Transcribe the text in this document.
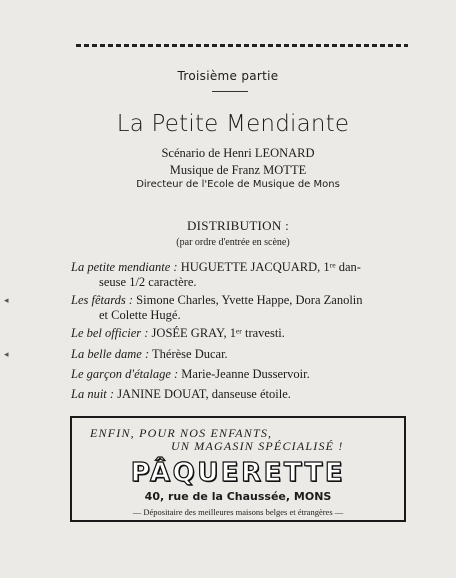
Troisième partie
La Petite Mendiante
Scénario de Henri LEONARD
Musique de Franz MOTTE
Directeur de l'Ecole de Musique de Mons
DISTRIBUTION :
(par ordre d'entrée en scène)
La petite mendiante : HUGUETTE JACQUARD, 1ʳᵉ dan-
seuse 1/2 caractère.
Les fêtards : Simone Charles, Yvette Happe, Dora Zanolin
et Colette Hugé.
Le bel officier : JOSÉE GRAY, 1ᵉʳ travesti.
La belle dame : Thérèse Ducar.
Le garçon d'étalage : Marie-Jeanne Dusservoir.
La nuit : JANINE DOUAT, danseuse étoile.
◂
◂
ENFIN, POUR NOS ENFANTS,
UN MAGASIN SPÉCIALISÉ !
PÂQUERETTE
40, rue de la Chaussée, MONS
— Dépositaire des meilleures maisons belges et étrangères —
